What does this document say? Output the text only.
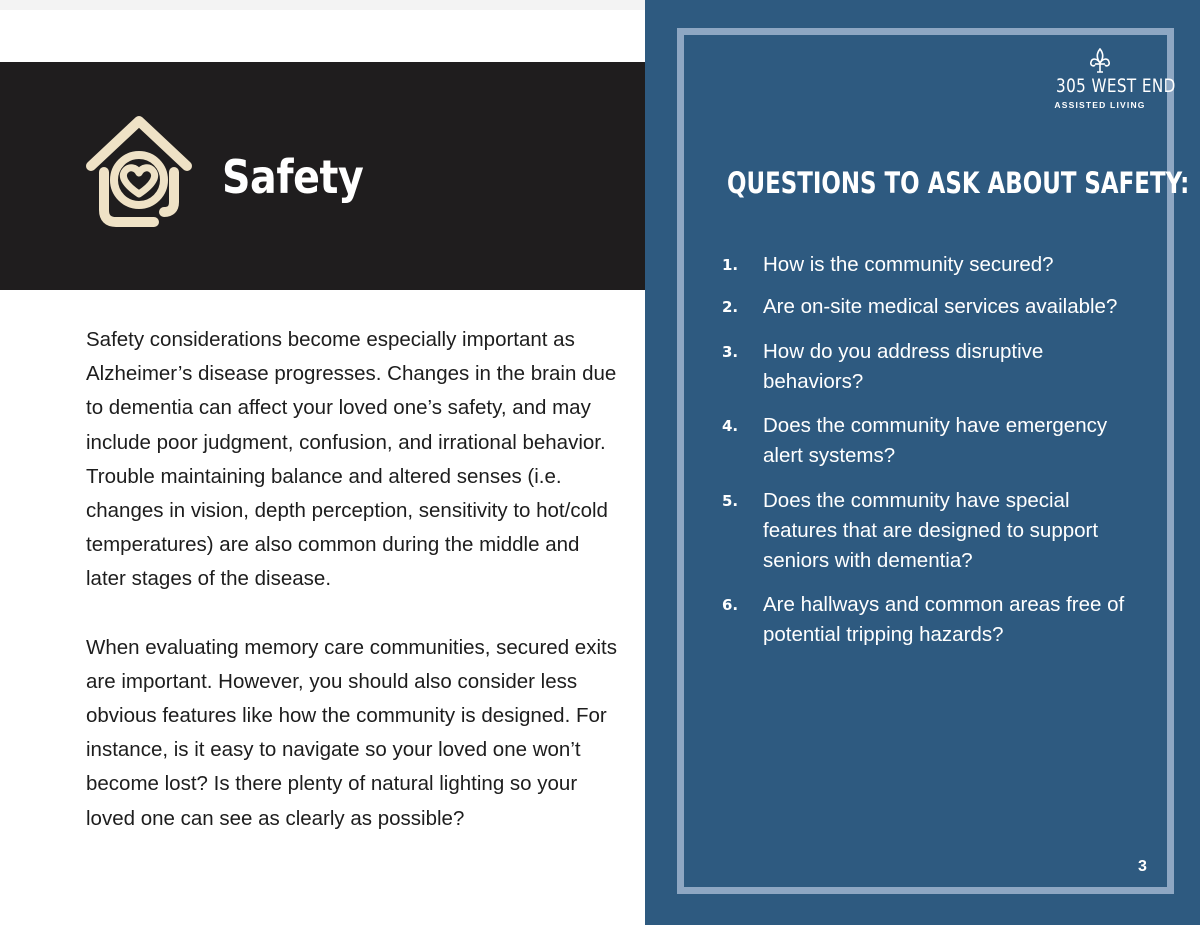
Safety

Safety considerations become especially important as Alzheimer’s disease progresses. Changes in the brain due to dementia can affect your loved one’s safety, and may include poor judgment, confusion, and irrational behavior. Trouble maintaining balance and altered senses (i.e. changes in vision, depth perception, sensitivity to hot/cold temperatures) are also common during the middle and later stages of the disease.

When evaluating memory care communities, secured exits are important. However, you should also consider less obvious features like how the community is designed. For instance, is it easy to navigate so your loved one won’t become lost? Is there plenty of natural lighting so your loved one can see as clearly as possible?

305 WEST END
ASSISTED LIVING
QUESTIONS TO ASK ABOUT SAFETY:
1. How is the community secured?
2. Are on-site medical services available?
3. How do you address disruptive behaviors?
4. Does the community have emergency alert systems?
5. Does the community have special features that are designed to support seniors with dementia?
6. Are hallways and common areas free of potential tripping hazards?
3
